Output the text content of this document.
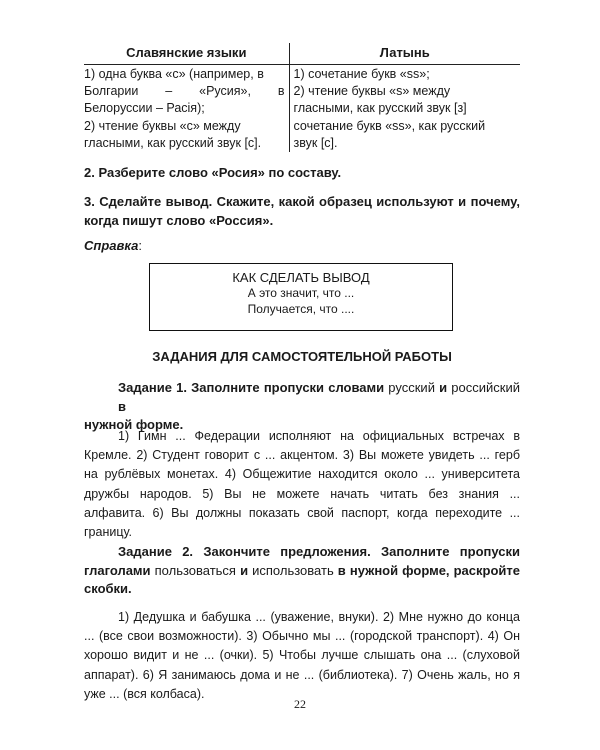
Славянские языки	Латынь
1) одна буква «с» (например, в
Болгарии – «Русия», в
Белоруссии – Расія);
2) чтение буквы «с» между
гласными, как русский звук [с].
1) сочетание букв «ss»;
2) чтение буквы «s» между
гласными, как русский звук [з]
сочетание букв «ss», как русский
звук [с].
2. Разберите слово «Росия» по составу.
3. Сделайте вывод. Скажите, какой образец используют и почему,
когда пишут слово «Россия».
Справка:
КАК СДЕЛАТЬ ВЫВОД
А это значит, что ...
Получается, что ....
ЗАДАНИЯ ДЛЯ САМОСТОЯТЕЛЬНОЙ РАБОТЫ
Задание 1. Заполните пропуски словами русский и российский в
нужной форме.
1) Гимн ... Федерации исполняют на официальных встречах в
Кремле. 2) Студент говорит с ... акцентом. 3) Вы можете увидеть ... герб
на рублёвых монетах. 4) Общежитие находится около ... университета
дружбы народов. 5) Вы не можете начать читать без знания ...
алфавита. 6) Вы должны показать свой паспорт, когда переходите ...
границу.
Задание 2. Закончите предложения. Заполните пропуски
глаголами пользоваться и использовать в нужной форме, раскройте
скобки.
1) Дедушка и бабушка ... (уважение, внуки). 2) Мне нужно до конца
... (все свои возможности). 3) Обычно мы ... (городской транспорт). 4) Он
хорошо видит и не ... (очки). 5) Чтобы лучше слышать она ... (слуховой
аппарат). 6) Я занимаюсь дома и не ... (библиотека). 7) Очень жаль, но я
уже ... (вся колбаса).
22
